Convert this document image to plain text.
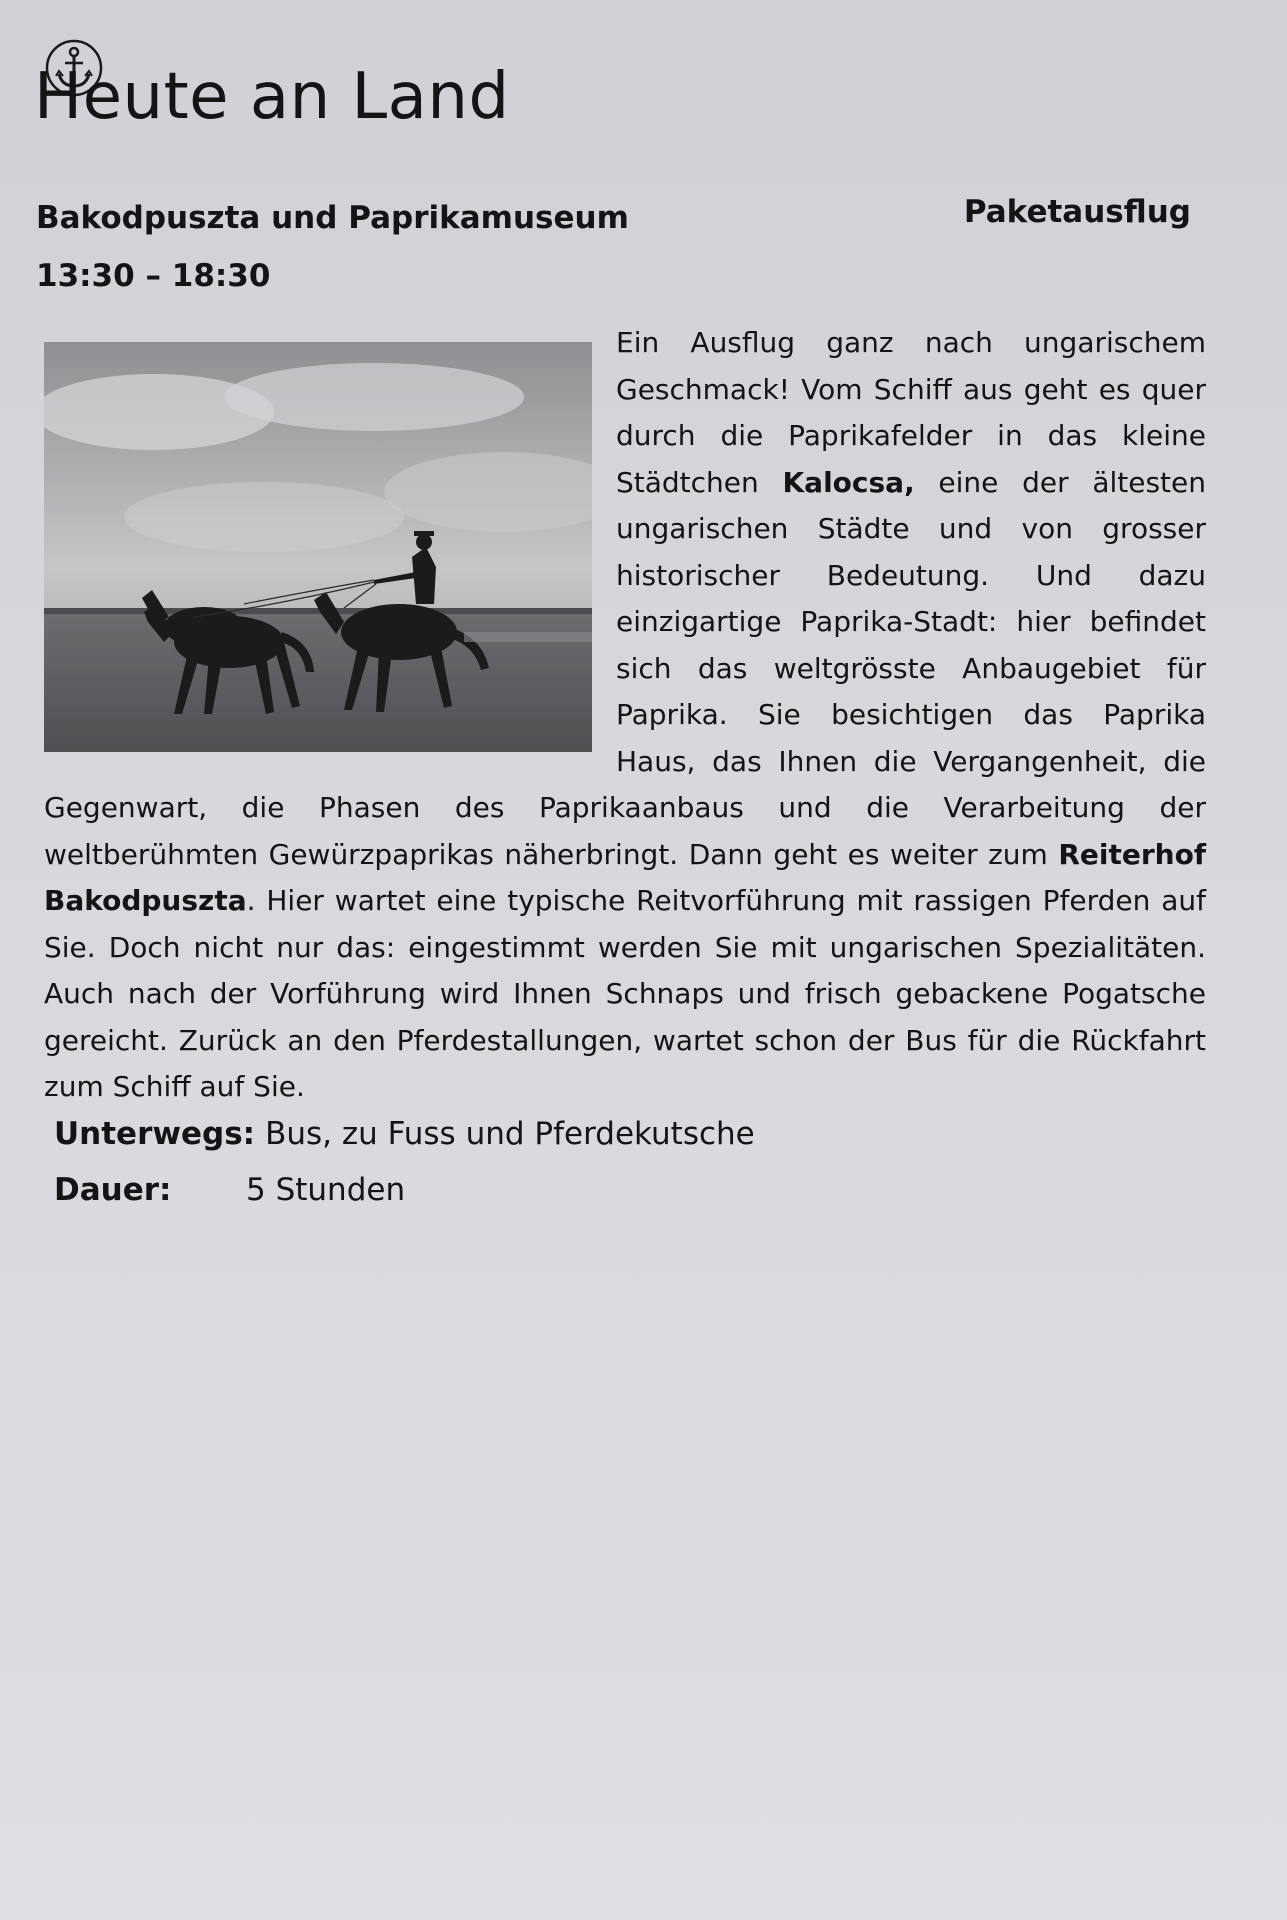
Heute an Land
Bakodpuszta und Paprikamuseum	Paketausflug
13:30 – 18:30

Ein Ausflug ganz nach ungarischem Geschmack! Vom Schiff aus geht es quer durch die Paprikafelder in das kleine Städtchen Kalocsa, eine der ältesten ungarischen Städte und von grosser historischer Bedeutung. Und dazu einzigartige Paprika-Stadt: hier befindet sich das weltgrösste Anbaugebiet für Paprika. Sie besichtigen das Paprika Haus, das Ihnen die Vergangenheit, die Gegenwart, die Phasen des Paprikaanbaus und die Verarbeitung der weltberühmten Gewürzpaprikas näherbringt. Dann geht es weiter zum Reiterhof Bakodpuszta. Hier wartet eine typische Reitvorführung mit rassigen Pferden auf Sie. Doch nicht nur das: eingestimmt werden Sie mit ungarischen Spezialitäten. Auch nach der Vorführung wird Ihnen Schnaps und frisch gebackene Pogatsche gereicht. Zurück an den Pferdestallungen, wartet schon der Bus für die Rückfahrt zum Schiff auf Sie.

Unterwegs: Bus, zu Fuss und Pferdekutsche
Dauer:	5 Stunden
